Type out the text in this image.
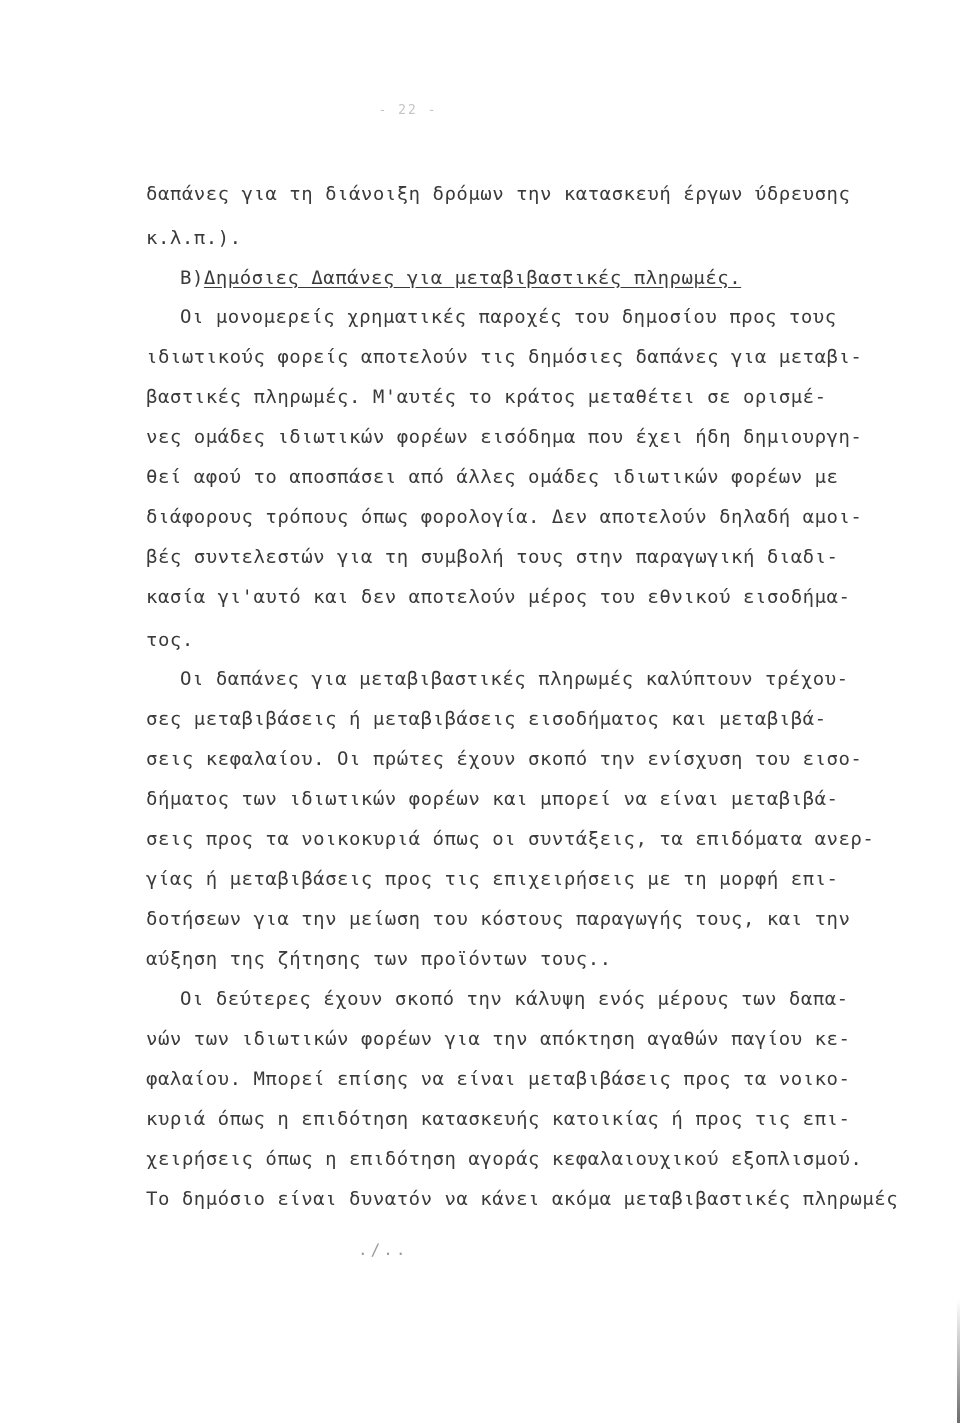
- 22 -
δαπάνες για τη διάνοιξη δρόμων την κατασκευή έργων ύδρευσης
κ.λ.π.).
Β)Δημόσιες Δαπάνες για μεταβιβαστικές πληρωμές.
Οι μονομερείς χρηματικές παροχές του δημοσίου προς τους
ιδιωτικούς φορείς αποτελούν τις δημόσιες δαπάνες για μεταβι-
βαστικές πληρωμές. Μ'αυτές το κράτος μεταθέτει σε ορισμέ-
νες ομάδες ιδιωτικών φορέων εισόδημα που έχει ήδη δημιουργη-
θεί αφού το αποσπάσει από άλλες ομάδες ιδιωτικών φορέων με
διάφορους τρόπους όπως φορολογία. Δεν αποτελούν δηλαδή αμοι-
βές συντελεστών για τη συμβολή τους στην παραγωγική διαδι-
κασία γι'αυτό και δεν αποτελούν μέρος του εθνικού εισοδήμα-
τος.
Οι δαπάνες για μεταβιβαστικές πληρωμές καλύπτουν τρέχου-
σες μεταβιβάσεις ή μεταβιβάσεις εισοδήματος και μεταβιβά-
σεις κεφαλαίου. Οι πρώτες έχουν σκοπό την ενίσχυση του εισο-
δήματος των ιδιωτικών φορέων και μπορεί να είναι μεταβιβά-
σεις προς τα νοικοκυριά όπως οι συντάξεις, τα επιδόματα ανερ-
γίας ή μεταβιβάσεις προς τις επιχειρήσεις με τη μορφή επι-
δοτήσεων για την μείωση του κόστους παραγωγής τους, και την
αύξηση της ζήτησης των προϊόντων τους..
Οι δεύτερες έχουν σκοπό την κάλυψη ενός μέρους των δαπα-
νών των ιδιωτικών φορέων για την απόκτηση αγαθών παγίου κε-
φαλαίου. Μπορεί επίσης να είναι μεταβιβάσεις προς τα νοικο-
κυριά όπως η επιδότηση κατασκευής κατοικίας ή προς τις επι-
χειρήσεις όπως η επιδότηση αγοράς κεφαλαιουχικού εξοπλισμού.
Το δημόσιο είναι δυνατόν να κάνει ακόμα μεταβιβαστικές πληρωμές
./..
